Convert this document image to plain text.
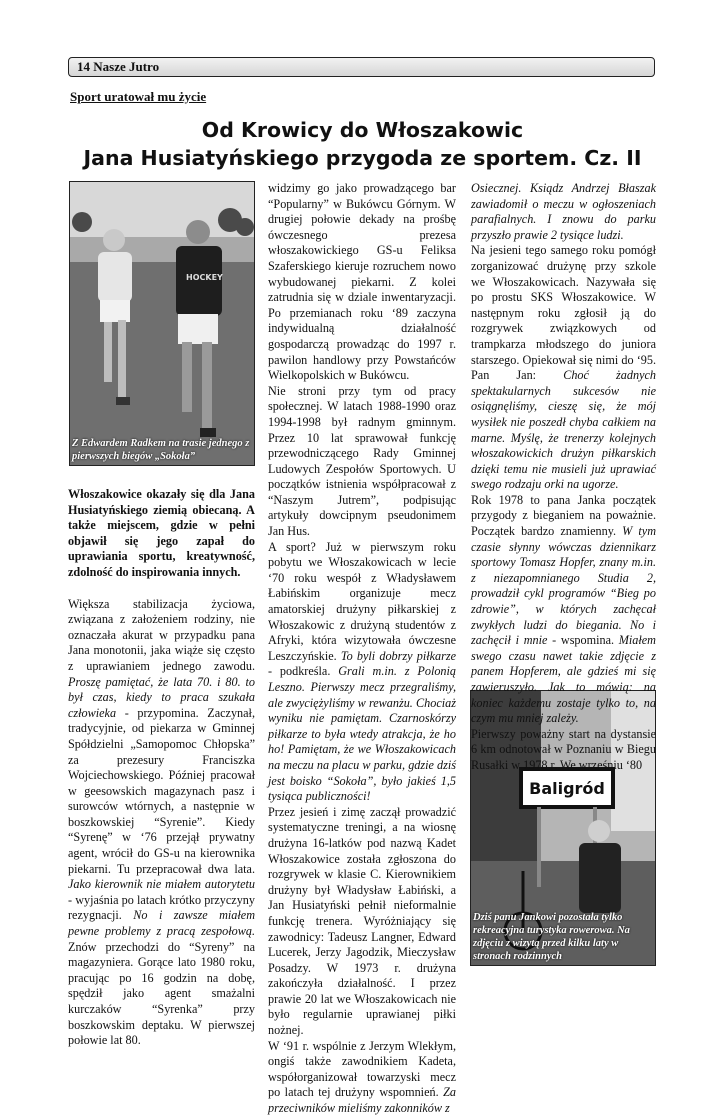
14 Nasze Jutro
Sport uratował mu życie
Od Krowicy do Włoszakowic
Jana Husiatyńskiego przygoda ze sportem. Cz. II
HOCKEY
Z Edwardem Radkem na trasie jednego z pierwszych biegów „Sokoła”
Baligród
Dziś panu Jankowi pozostała tylko rekreacyjna turystyka rowerowa. Na zdjęciu z wizytą przed kilku laty w stronach rodzinnych

Włoszakowice okazały się dla Jana Husiatyńskiego ziemią obiecaną. A także miejscem, gdzie w pełni objawił się jego zapał do uprawiania sportu, kreatywność, zdolność do inspirowania innych.

Większa stabilizacja życiowa, związana z założeniem rodziny, nie oznaczała akurat w przypadku pana Jana monotonii, jaka wiąże się często z uprawianiem jednego zawodu. Proszę pamiętać, że lata 70. i 80. to był czas, kiedy to praca szukała człowieka - przypomina. Zaczynał, tradycyjnie, od piekarza w Gminnej Spółdzielni „Samopomoc Chłopska” za prezesury Franciszka Wojciechowskiego. Później pracował w geesowskich magazynach pasz i surowców wtórnych, a następnie w boszkowskiej “Syrenie”. Kiedy “Syrenę” w ‘76 przejął prywatny agent, wrócił do GS-u na kierownika piekarni. Tu przepracował dwa lata. Jako kierownik nie miałem autorytetu - wyjaśnia po latach krótko przyczyny rezygnacji. No i zawsze miałem pewne problemy z pracą zespołową. Znów przechodzi do “Syreny” na magazyniera. Gorące lato 1980 roku, pracując po 16 godzin na dobę, spędził jako agent smażalni kurczaków “Syrenka” przy boszkowskim deptaku. W pierwszej połowie lat 80.

widzimy go jako prowadzącego bar “Popularny” w Bukówcu Górnym. W drugiej połowie dekady na prośbę ówczesnego prezesa włoszakowickiego GS-u Feliksa Szaferskiego kieruje rozruchem nowo wybudowanej piekarni. Z kolei zatrudnia się w dziale inwentaryzacji. Po przemianach roku ‘89 zaczyna indywidualną działalność gospodarczą prowadząc do 1997 r. pawilon handlowy przy Powstańców Wielkopolskich w Bukówcu.

Nie stroni przy tym od pracy społecznej. W latach 1988-1990 oraz 1994-1998 był radnym gminnym. Przez 10 lat sprawował funkcję przewodniczącego Rady Gminnej Ludowych Zespołów Sportowych. U początków istnienia współpracował z “Naszym Jutrem”, podpisując artykuły dowcipnym pseudonimem Jan Hus.

A sport? Już w pierwszym roku pobytu we Włoszakowicach w lecie ‘70 roku wespół z Władysławem Łabińskim organizuje mecz amatorskiej drużyny piłkarskiej z Włoszakowic z drużyną studentów z Afryki, która wizytowała ówczesne Leszczyńskie. To byli dobrzy piłkarze - podkreśla. Grali m.in. z Polonią Leszno. Pierwszy mecz przegraliśmy, ale zwyciężyliśmy w rewanżu. Chociaż wyniku nie pamiętam. Czarnoskórzy piłkarze to była wtedy atrakcja, że ho ho! Pamiętam, że we Włoszakowicach na meczu na placu w parku, gdzie dziś jest boisko “Sokoła”, było jakieś 1,5 tysiąca publiczności!

Przez jesień i zimę zaczął prowadzić systematyczne treningi, a na wiosnę drużyna 16-latków pod nazwą Kadet Włoszakowice została zgłoszona do rozgrywek w klasie C. Kierownikiem drużyny był Władysław Łabiński, a Jan Husiatyński pełnił nieformalnie funkcję trenera. Wyróżniający się zawodnicy: Tadeusz Langner, Edward Lucerek, Jerzy Jagodzik, Mieczysław Posadzy. W 1973 r. drużyna zakończyła działalność. I przez prawie 20 lat we Włoszakowicach nie było regularnie uprawianej piłki nożnej.

W ‘91 r. wspólnie z Jerzym Wlekłym, ongiś także zawodnikiem Kadeta, współorganizował towarzyski mecz po latach tej drużyny wspomnień. Za przeciwników mieliśmy zakonników z

Osiecznej. Ksiądz Andrzej Błaszak zawiadomił o meczu w ogłoszeniach parafialnych. I znowu do parku przyszło prawie 2 tysiące ludzi.

Na jesieni tego samego roku pomógł zorganizować drużynę przy szkole we Włoszakowicach. Nazywała się po prostu SKS Włoszakowice. W następnym roku zgłosił ją do rozgrywek związkowych od trampkarza młodszego do juniora starszego. Opiekował się nimi do ‘95. Pan Jan: Choć żadnych spektakularnych sukcesów nie osiągnęliśmy, cieszę się, że mój wysiłek nie poszedł chyba całkiem na marne. Myślę, że trenerzy kolejnych włoszakowickich drużyn piłkarskich dzięki temu nie musieli już uprawiać swego rodzaju orki na ugorze.

Rok 1978 to pana Janka początek przygody z bieganiem na poważnie. Początek bardzo znamienny. W tym czasie słynny wówczas dziennikarz sportowy Tomasz Hopfer, znany m.in. z niezapomnianego Studia 2, prowadził cykl programów “Bieg po zdrowie”, w których zachęcał zwykłych ludzi do biegania. No i zachęcił i mnie - wspomina. Miałem swego czasu nawet takie zdjęcie z panem Hopferem, ale gdzieś mi się zawieruszyło. Jak to mówią: na koniec każdemu zostaje tylko to, na czym mu mniej zależy.

Pierwszy poważny start na dystansie 6 km odnotował w Poznaniu w Biegu Rusałki w 1978 r. We wrześniu ‘80
